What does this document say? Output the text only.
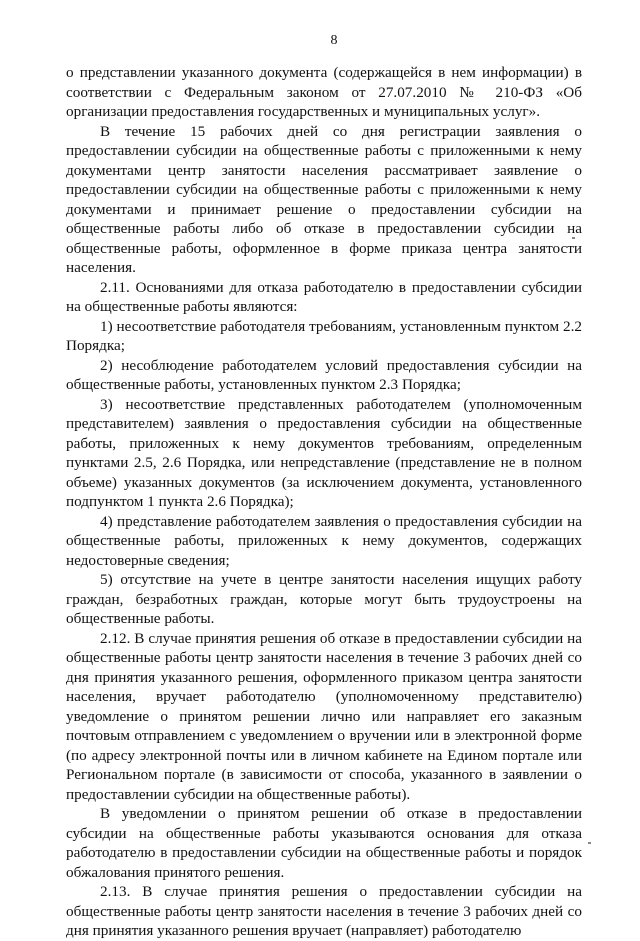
8

о представлении указанного документа (содержащейся в нем информации) в соответствии с Федеральным законом от 27.07.2010 № 210-ФЗ «Об организации предоставления государственных и муниципальных услуг».

В течение 15 рабочих дней со дня регистрации заявления о предоставлении субсидии на общественные работы с приложенными к нему документами центр занятости населения рассматривает заявление о предоставлении субсидии на общественные работы с приложенными к нему документами и принимает решение о предоставлении субсидии на общественные работы либо об отказе в предоставлении субсидии на общественные работы, оформленное в форме приказа центра занятости населения.

2.11. Основаниями для отказа работодателю в предоставлении субсидии на общественные работы являются:

1) несоответствие работодателя требованиям, установленным пунктом 2.2 Порядка;

2) несоблюдение работодателем условий предоставления субсидии на общественные работы, установленных пунктом 2.3 Порядка;

3) несоответствие представленных работодателем (уполномоченным представителем) заявления о предоставления субсидии на общественные работы, приложенных к нему документов требованиям, определенным пунктами 2.5, 2.6 Порядка, или непредставление (представление не в полном объеме) указанных документов (за исключением документа, установленного подпунктом 1 пункта 2.6 Порядка);

4) представление работодателем заявления о предоставления субсидии на общественные работы, приложенных к нему документов, содержащих недостоверные сведения;

5) отсутствие на учете в центре занятости населения ищущих работу граждан, безработных граждан, которые могут быть трудоустроены на общественные работы.

2.12. В случае принятия решения об отказе в предоставлении субсидии на общественные работы центр занятости населения в течение 3 рабочих дней со дня принятия указанного решения, оформленного приказом центра занятости населения, вручает работодателю (уполномоченному представителю) уведомление о принятом решении лично или направляет его заказным почтовым отправлением с уведомлением о вручении или в электронной форме (по адресу электронной почты или в личном кабинете на Едином портале или Региональном портале (в зависимости от способа, указанного в заявлении о предоставлении субсидии на общественные работы).

В уведомлении о принятом решении об отказе в предоставлении субсидии на общественные работы указываются основания для отказа работодателю в предоставлении субсидии на общественные работы и порядок обжалования принятого решения.

2.13. В случае принятия решения о предоставлении субсидии на общественные работы центр занятости населения в течение 3 рабочих дней со дня принятия указанного решения вручает (направляет) работодателю
